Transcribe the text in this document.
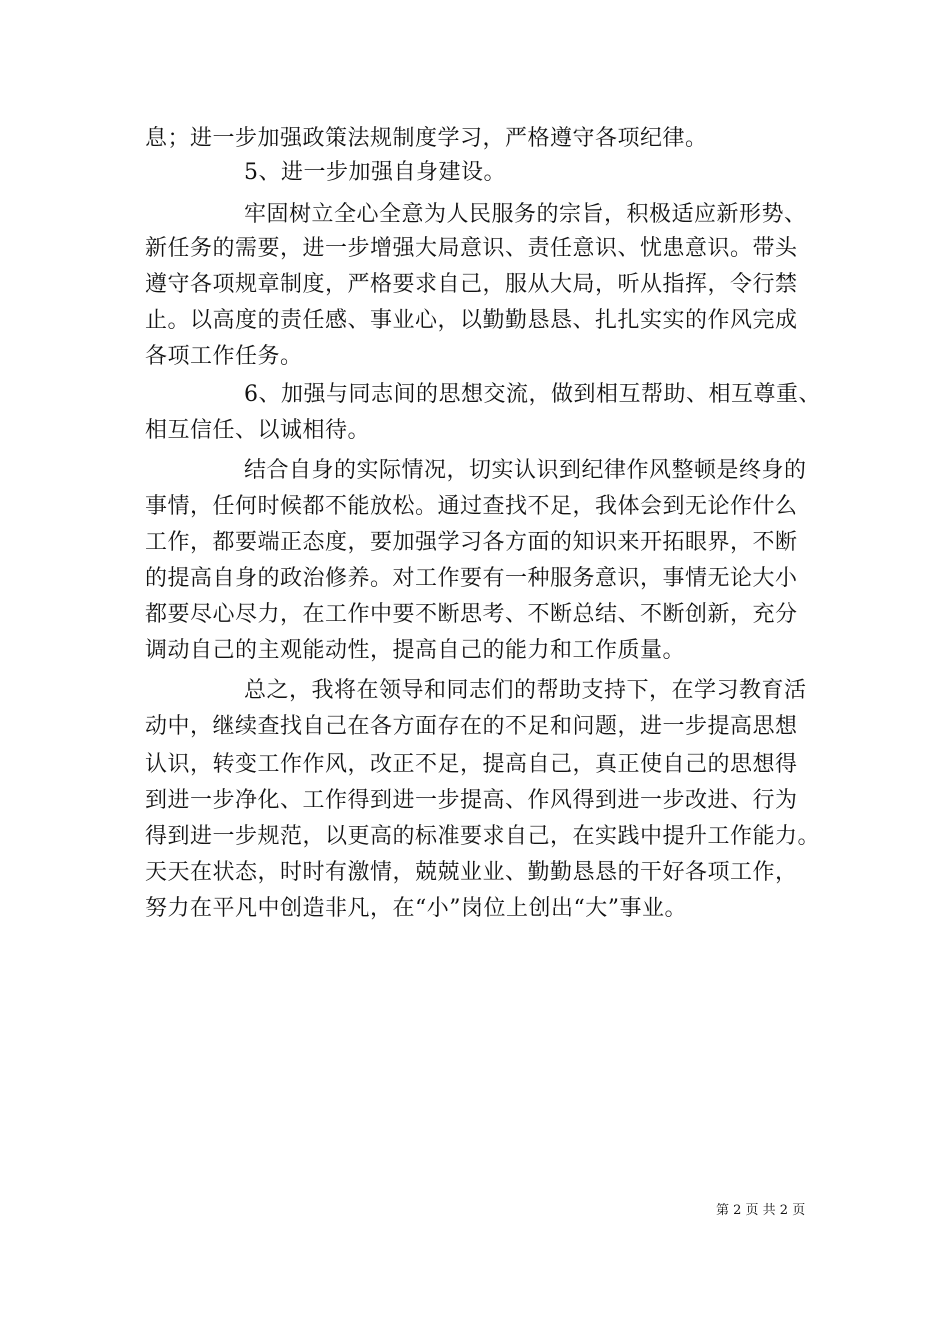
息；进一步加强政策法规制度学习，严格遵守各项纪律。
5、进一步加强自身建设。
牢固树立全心全意为人民服务的宗旨，积极适应新形势、
新任务的需要，进一步增强大局意识、责任意识、忧患意识。带头
遵守各项规章制度，严格要求自己，服从大局，听从指挥，令行禁
止。以高度的责任感、事业心，以勤勤恳恳、扎扎实实的作风完成
各项工作任务。
6、加强与同志间的思想交流，做到相互帮助、相互尊重、
相互信任、以诚相待。
结合自身的实际情况，切实认识到纪律作风整顿是终身的
事情，任何时候都不能放松。通过查找不足，我体会到无论作什么
工作，都要端正态度，要加强学习各方面的知识来开拓眼界，不断
的提高自身的政治修养。对工作要有一种服务意识，事情无论大小
都要尽心尽力，在工作中要不断思考、不断总结、不断创新，充分
调动自己的主观能动性，提高自己的能力和工作质量。
总之，我将在领导和同志们的帮助支持下，在学习教育活
动中，继续查找自己在各方面存在的不足和问题，进一步提高思想
认识，转变工作作风，改正不足，提高自己，真正使自己的思想得
到进一步净化、工作得到进一步提高、作风得到进一步改进、行为
得到进一步规范，以更高的标准要求自己，在实践中提升工作能力。
天天在状态，时时有激情，兢兢业业、勤勤恳恳的干好各项工作，
努力在平凡中创造非凡，在“小”岗位上创出“大”事业。
第 2 页 共 2 页
